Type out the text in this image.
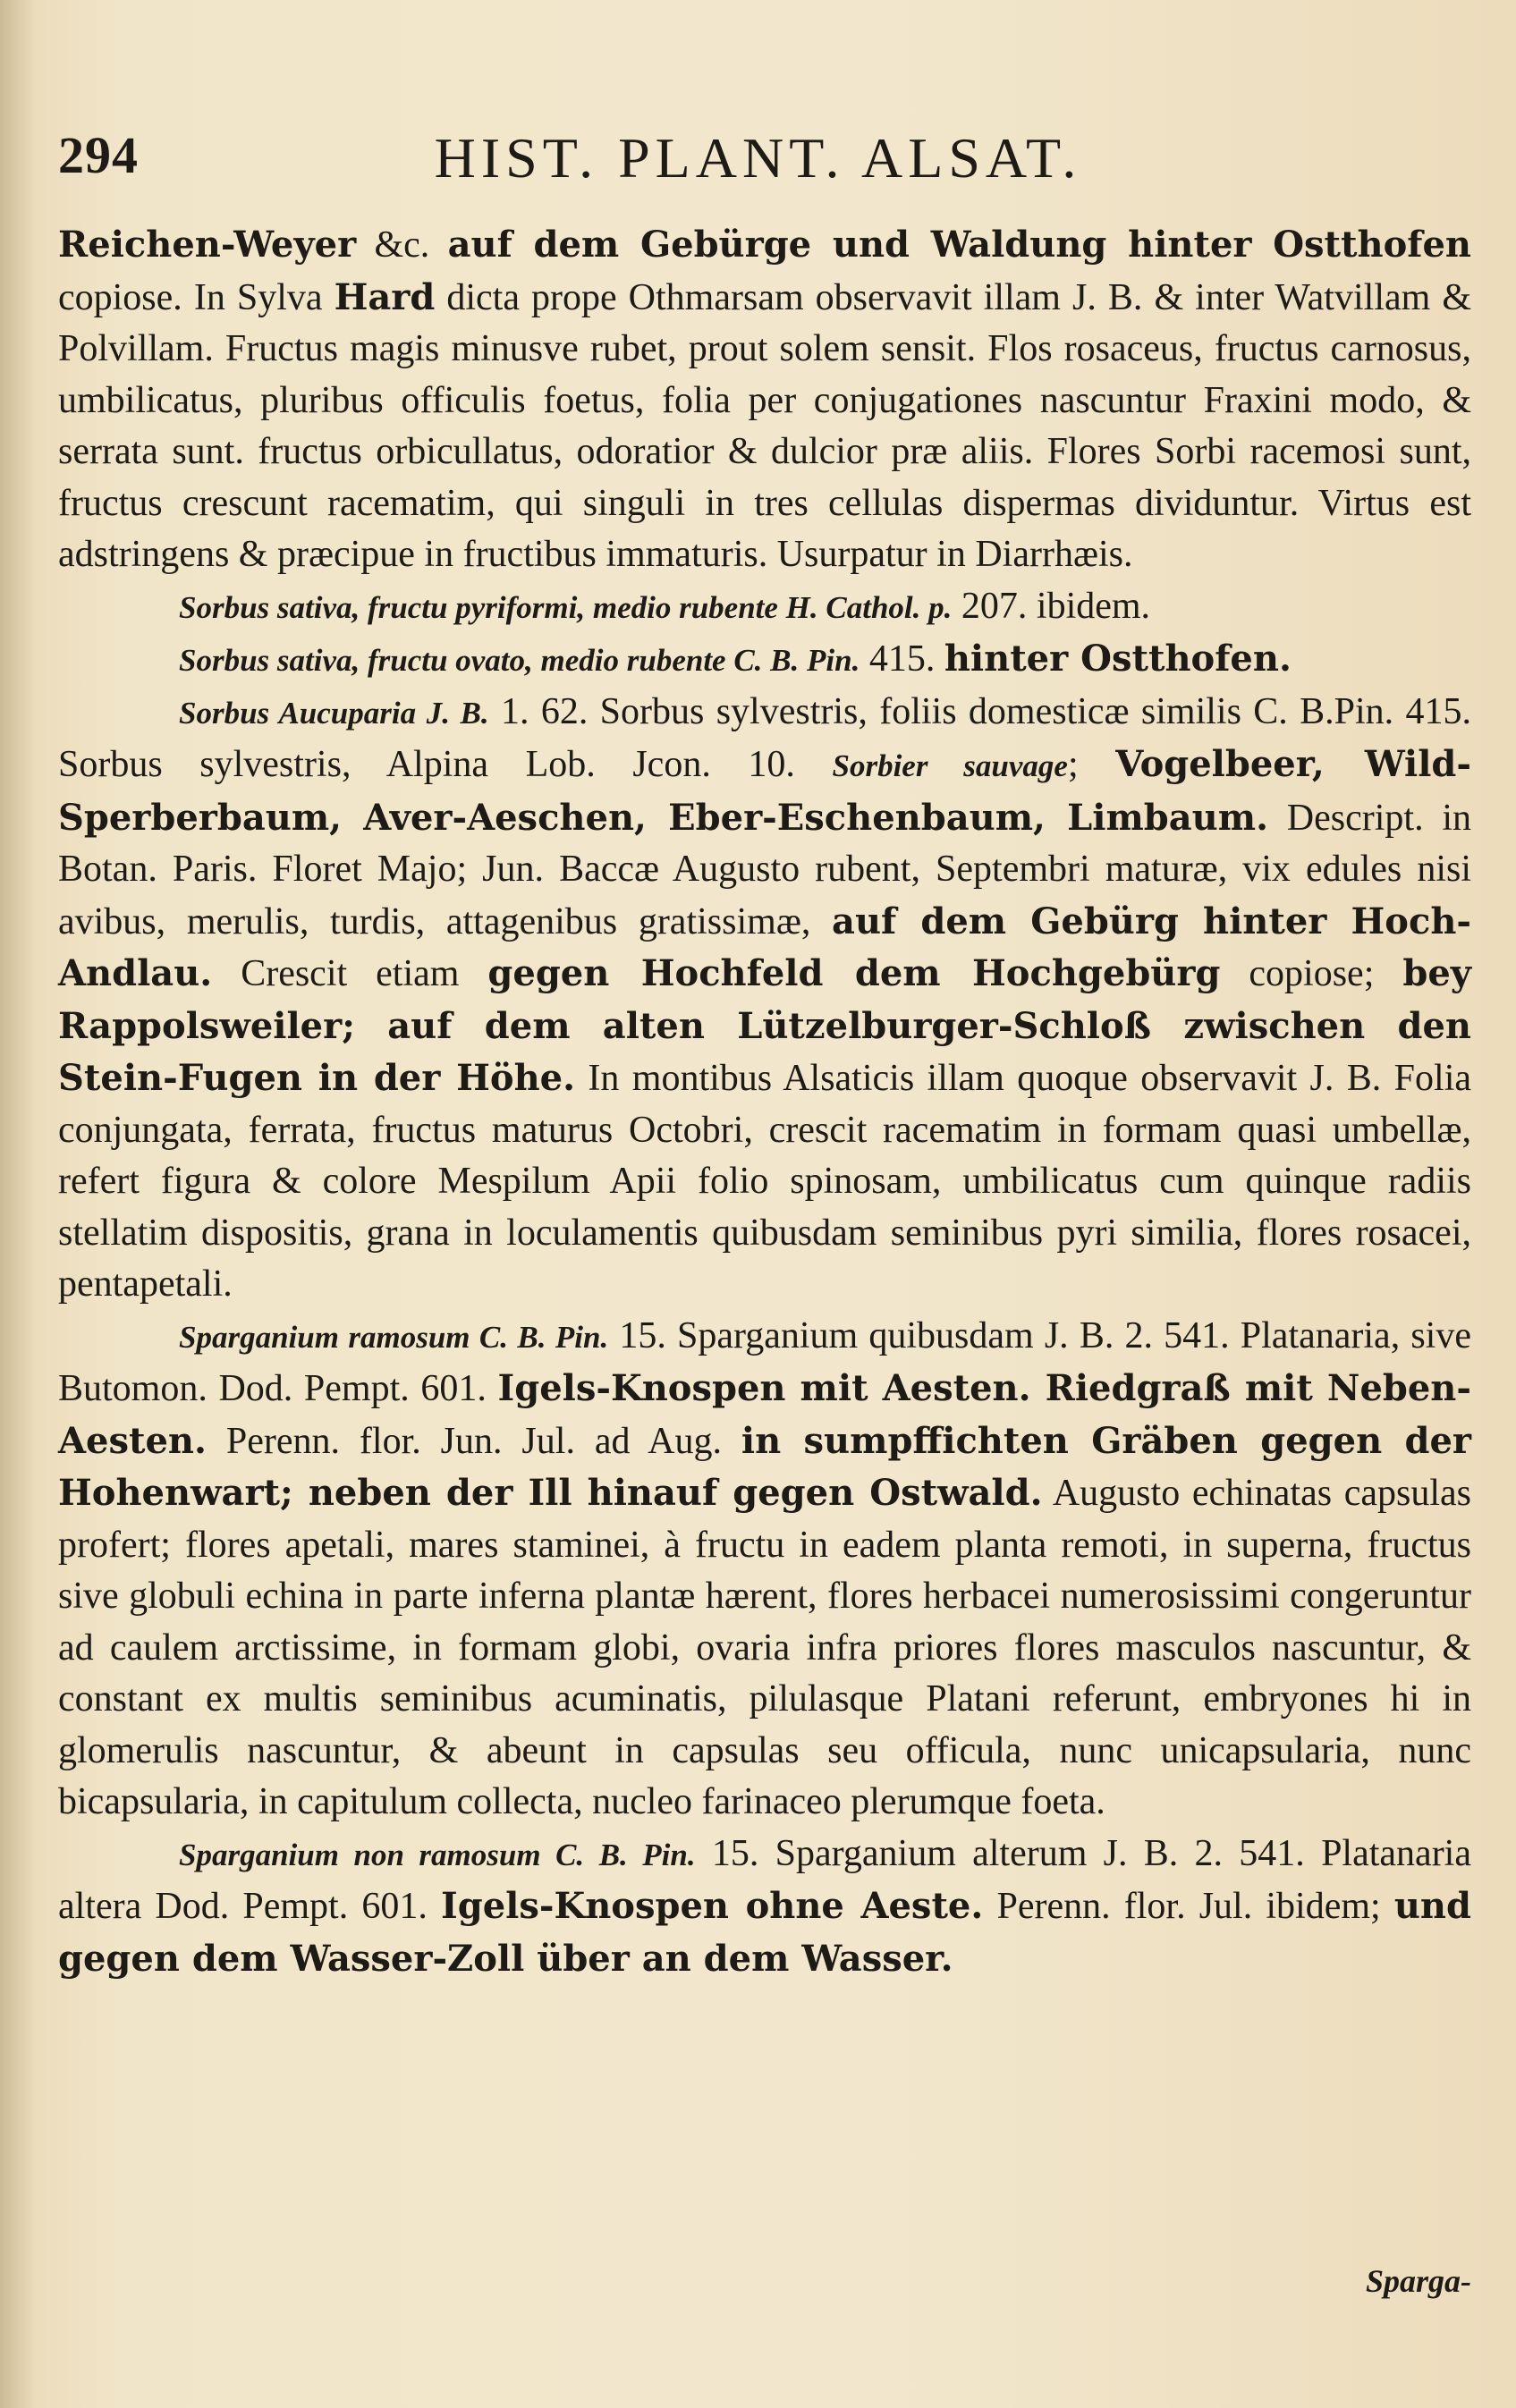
294	HIST. PLANT. ALSAT.

Reichen-Weyer &c. auf dem Gebürge und Waldung hinter Ostthofen copiose. In Sylva Hard dicta prope Othmarsam observavit illam J. B. & inter Watvillam & Polvillam. Fructus magis minusve rubet, prout solem sensit. Flos rosaceus, fructus carnosus, umbilicatus, pluribus officulis foetus, folia per conjugationes nascuntur Fraxini modo, & serrata sunt. fructus orbicullatus, odoratior & dulcior præ aliis. Flores Sorbi racemosi sunt, fructus crescunt racematim, qui singuli in tres cellulas dispermas dividuntur. Virtus est adstringens & præcipue in fructibus immaturis. Usurpatur in Diarrhæis.

Sorbus sativa, fructu pyriformi, medio rubente H. Cathol. p. 207. ibidem.

Sorbus sativa, fructu ovato, medio rubente C. B. Pin. 415. hinter Ostthofen.

Sorbus Aucuparia J. B. 1. 62. Sorbus sylvestris, foliis domesticæ similis C. B.Pin. 415. Sorbus sylvestris, Alpina Lob. Jcon. 10. Sorbier sauvage; Vogelbeer, Wild-Sperberbaum, Aver-Aeschen, Eber-Eschenbaum, Limbaum. Descript. in Botan. Paris. Floret Majo; Jun. Baccæ Augusto rubent, Septembri maturæ, vix edules nisi avibus, merulis, turdis, attagenibus gratissimæ, auf dem Gebürg hinter Hoch-Andlau. Crescit etiam gegen Hochfeld dem Hochgebürg copiose; bey Rappolsweiler; auf dem alten Lützelburger-Schloß zwischen den Stein-Fugen in der Höhe. In montibus Alsaticis illam quoque observavit J. B. Folia conjungata, ferrata, fructus maturus Octobri, crescit racematim in formam quasi umbellæ, refert figura & colore Mespilum Apii folio spinosam, umbilicatus cum quinque radiis stellatim dispositis, grana in loculamentis quibusdam seminibus pyri similia, flores rosacei, pentapetali.

Sparganium ramosum C. B. Pin. 15. Sparganium quibusdam J. B. 2. 541. Platanaria, sive Butomon. Dod. Pempt. 601. Igels-Knospen mit Aesten. Riedgraß mit Neben-Aesten. Perenn. flor. Jun. Jul. ad Aug. in sumpffichten Gräben gegen der Hohenwart; neben der Ill hinauf gegen Ostwald. Augusto echinatas capsulas profert; flores apetali, mares staminei, à fructu in eadem planta remoti, in superna, fructus sive globuli echina in parte inferna plantæ hærent, flores herbacei numerosissimi congeruntur ad caulem arctissime, in formam globi, ovaria infra priores flores masculos nascuntur, & constant ex multis seminibus acuminatis, pilulasque Platani referunt, embryones hi in glomerulis nascuntur, & abeunt in capsulas seu officula, nunc unicapsularia, nunc bicapsularia, in capitulum collecta, nucleo farinaceo plerumque foeta.

Sparganium non ramosum C. B. Pin. 15. Sparganium alterum J. B. 2. 541. Platanaria altera Dod. Pempt. 601. Igels-Knospen ohne Aeste. Perenn. flor. Jul. ibidem; und gegen dem Wasser-Zoll über an dem Wasser.

Sparga-
